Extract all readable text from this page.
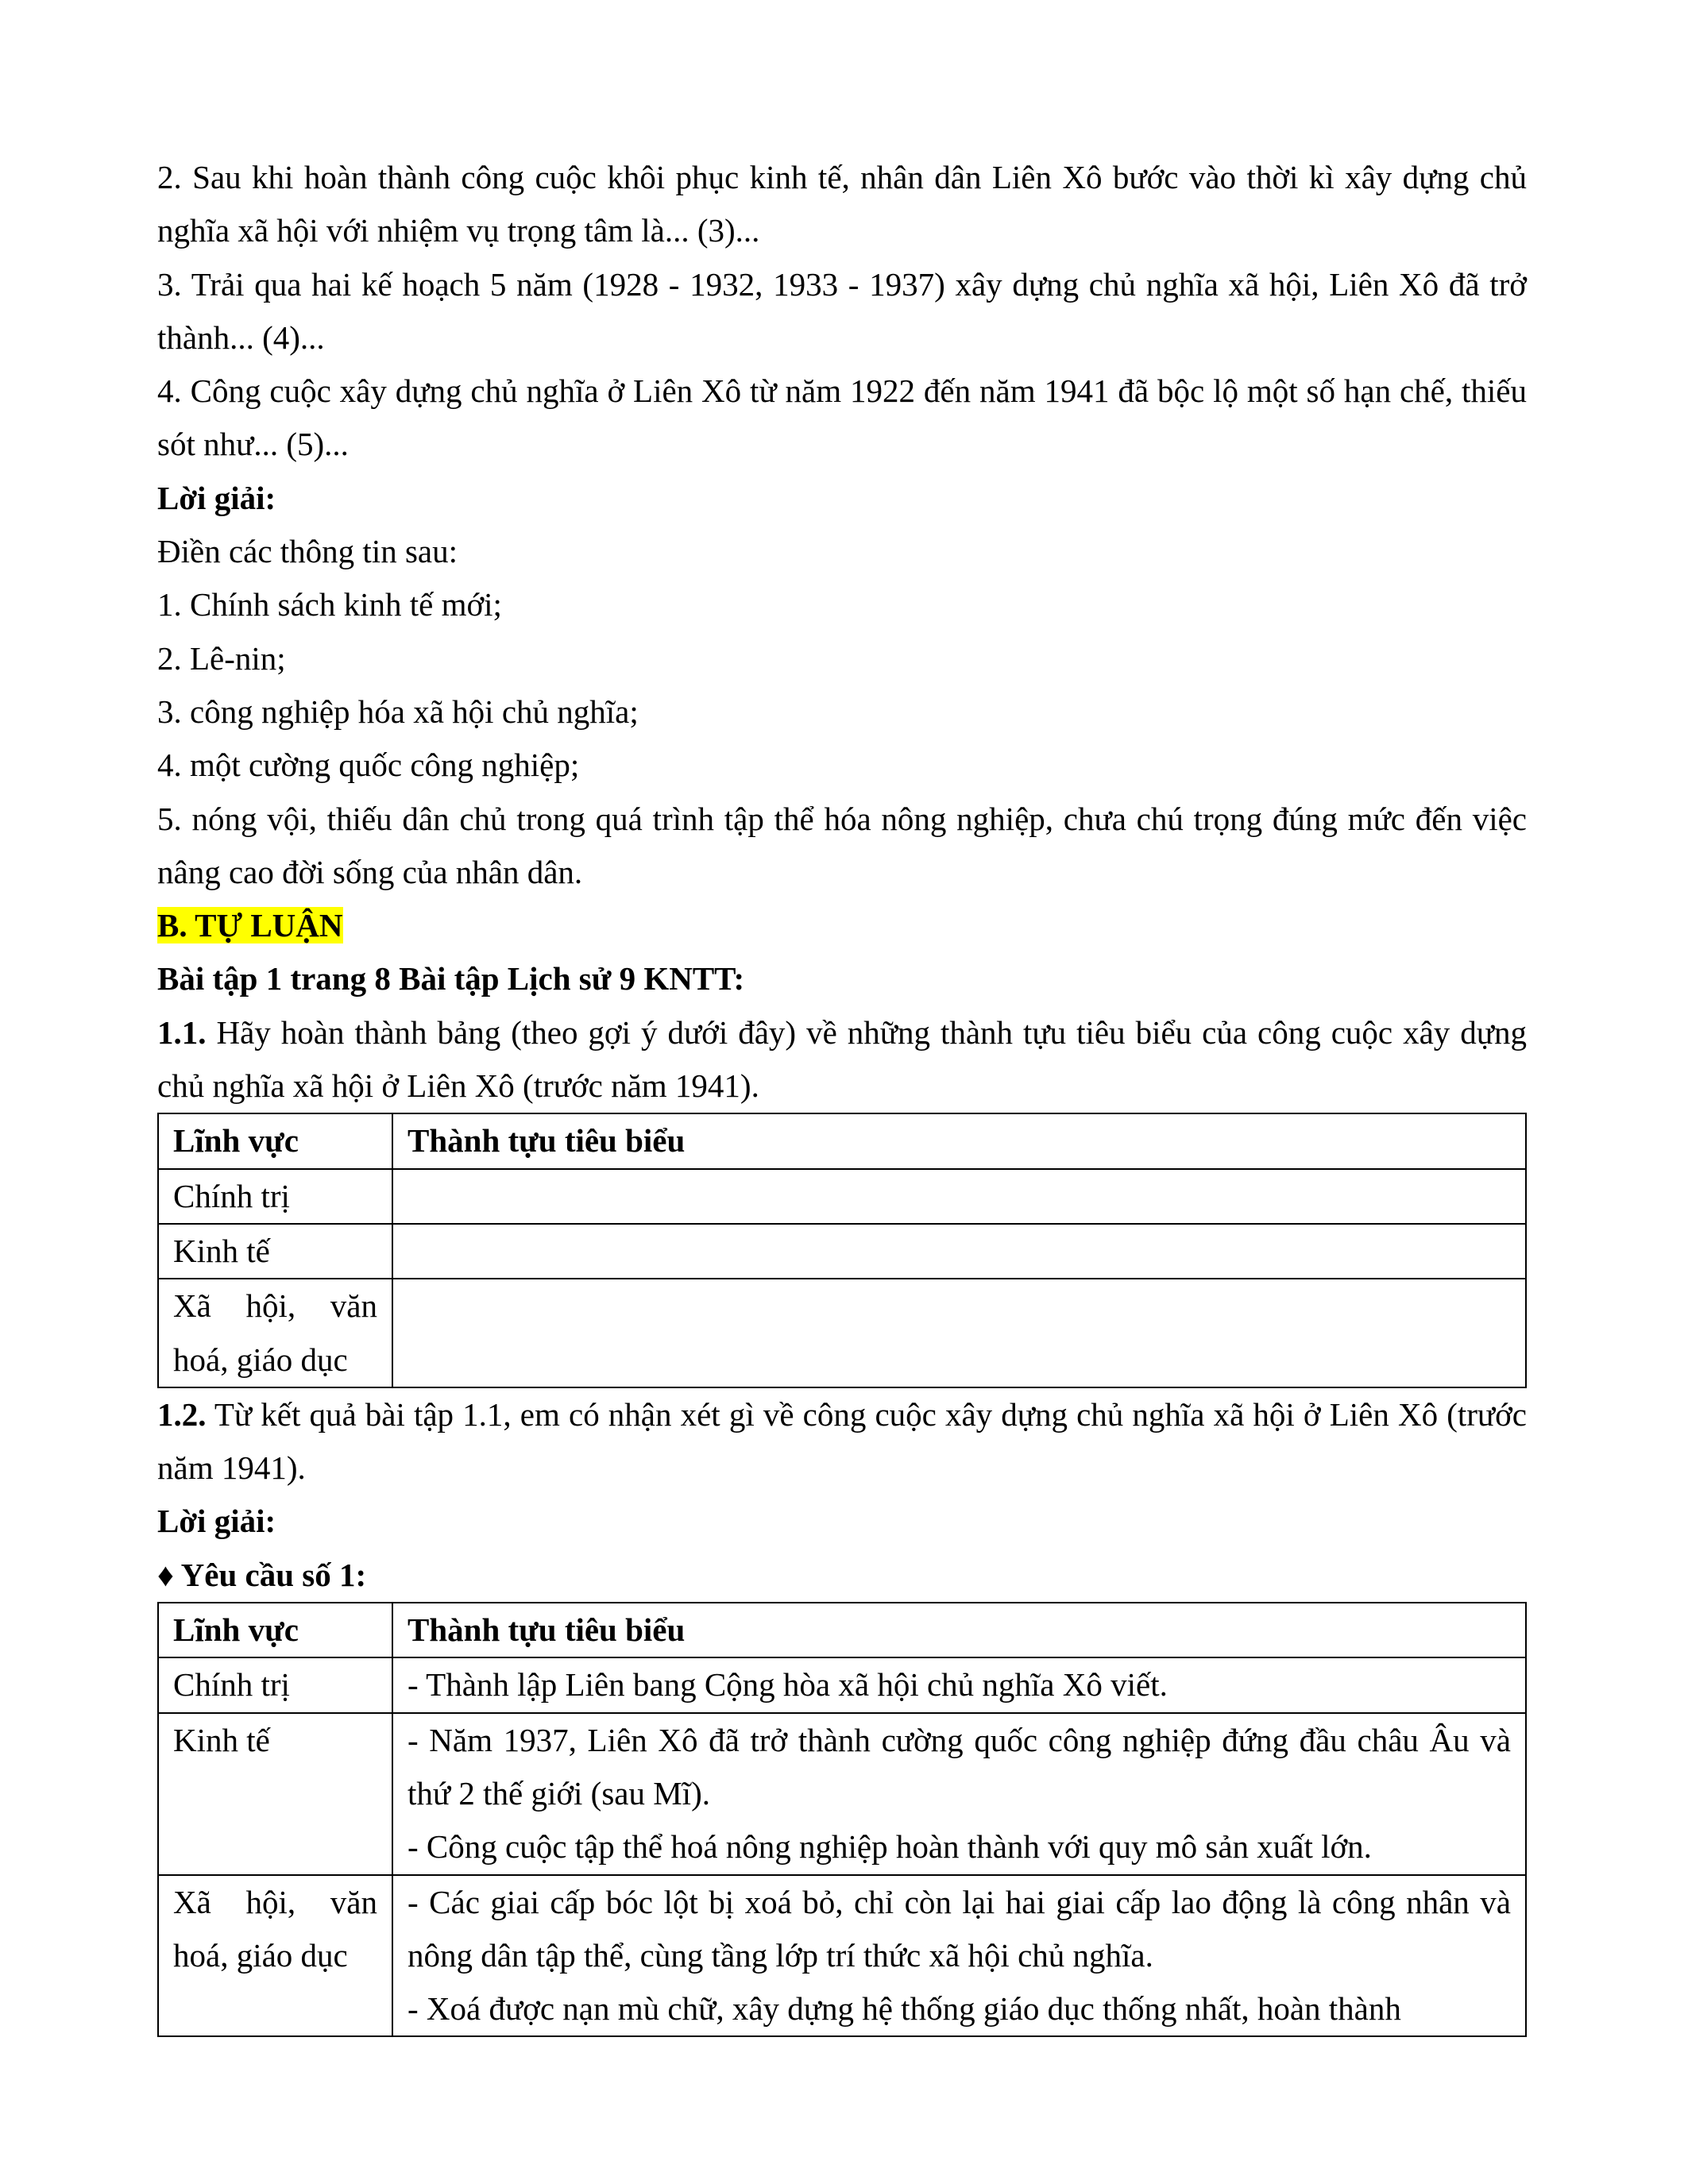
2. Sau khi hoàn thành công cuộc khôi phục kinh tế, nhân dân Liên Xô bước vào thời kì xây dựng chủ nghĩa xã hội với nhiệm vụ trọng tâm là... (3)...

3. Trải qua hai kế hoạch 5 năm (1928 - 1932, 1933 - 1937) xây dựng chủ nghĩa xã hội, Liên Xô đã trở thành... (4)...

4. Công cuộc xây dựng chủ nghĩa ở Liên Xô từ năm 1922 đến năm 1941 đã bộc lộ một số hạn chế, thiếu sót như... (5)...

Lời giải:

Điền các thông tin sau:

1. Chính sách kinh tế mới;

2. Lê-nin;

3. công nghiệp hóa xã hội chủ nghĩa;

4. một cường quốc công nghiệp;

5. nóng vội, thiếu dân chủ trong quá trình tập thể hóa nông nghiệp, chưa chú trọng đúng mức đến việc nâng cao đời sống của nhân dân.

B. TỰ LUẬN

Bài tập 1 trang 8 Bài tập Lịch sử 9 KNTT:

1.1. Hãy hoàn thành bảng (theo gợi ý dưới đây) về những thành tựu tiêu biểu của công cuộc xây dựng chủ nghĩa xã hội ở Liên Xô (trước năm 1941).

Lĩnh vực	Thành tựu tiêu biểu
Chính trị	
Kinh tế	
Xã hội, văn hoá, giáo dục	

1.2. Từ kết quả bài tập 1.1, em có nhận xét gì về công cuộc xây dựng chủ nghĩa xã hội ở Liên Xô (trước năm 1941).

Lời giải:

♦ Yêu cầu số 1:

Lĩnh vực	Thành tựu tiêu biểu
Chính trị	- Thành lập Liên bang Cộng hòa xã hội chủ nghĩa Xô viết.

Kinh tế	- Năm 1937, Liên Xô đã trở thành cường quốc công nghiệp đứng đầu châu Âu và thứ 2 thế giới (sau Mĩ).

- Công cuộc tập thể hoá nông nghiệp hoàn thành với quy mô sản xuất lớn.

Xã hội, văn hoá, giáo dục	- Các giai cấp bóc lột bị xoá bỏ, chỉ còn lại hai giai cấp lao động là công nhân và nông dân tập thể, cùng tầng lớp trí thức xã hội chủ nghĩa.

- Xoá được nạn mù chữ, xây dựng hệ thống giáo dục thống nhất, hoàn thành
